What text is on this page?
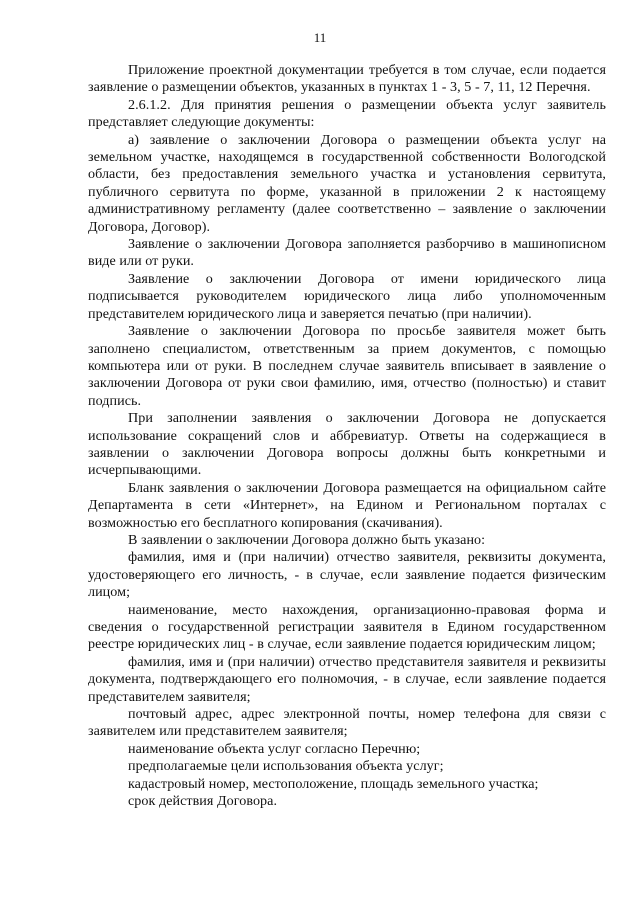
11

Приложение проектной документации требуется в том случае, если подается заявление о размещении объектов, указанных в пунктах 1 - 3, 5 - 7, 11, 12 Перечня.

2.6.1.2. Для принятия решения о размещении объекта услуг заявитель представляет следующие документы:

а) заявление о заключении Договора о размещении объекта услуг на земельном участке, находящемся в государственной собственности Вологодской области, без предоставления земельного участка и установления сервитута, публичного сервитута по форме, указанной в приложении 2 к настоящему административному регламенту (далее соответственно – заявление о заключении Договора, Договор).

Заявление о заключении Договора заполняется разборчиво в машинописном виде или от руки.

Заявление о заключении Договора от имени юридического лица подписывается руководителем юридического лица либо уполномоченным представителем юридического лица и заверяется печатью (при наличии).

Заявление о заключении Договора по просьбе заявителя может быть заполнено специалистом, ответственным за прием документов, с помощью компьютера или от руки. В последнем случае заявитель вписывает в заявление о заключении Договора от руки свои фамилию, имя, отчество (полностью) и ставит подпись.

При заполнении заявления о заключении Договора не допускается использование сокращений слов и аббревиатур. Ответы на содержащиеся в заявлении о заключении Договора вопросы должны быть конкретными и исчерпывающими.

Бланк заявления о заключении Договора размещается на официальном сайте Департамента в сети «Интернет», на Едином и Региональном порталах с возможностью его бесплатного копирования (скачивания).

В заявлении о заключении Договора должно быть указано:

фамилия, имя и (при наличии) отчество заявителя, реквизиты документа, удостоверяющего его личность, - в случае, если заявление подается физическим лицом;

наименование, место нахождения, организационно-правовая форма и сведения о государственной регистрации заявителя в Едином государственном реестре юридических лиц - в случае, если заявление подается юридическим лицом;

фамилия, имя и (при наличии) отчество представителя заявителя и реквизиты документа, подтверждающего его полномочия, - в случае, если заявление подается представителем заявителя;

почтовый адрес, адрес электронной почты, номер телефона для связи с заявителем или представителем заявителя;

наименование объекта услуг согласно Перечню;

предполагаемые цели использования объекта услуг;

кадастровый номер, местоположение, площадь земельного участка;

срок действия Договора.
